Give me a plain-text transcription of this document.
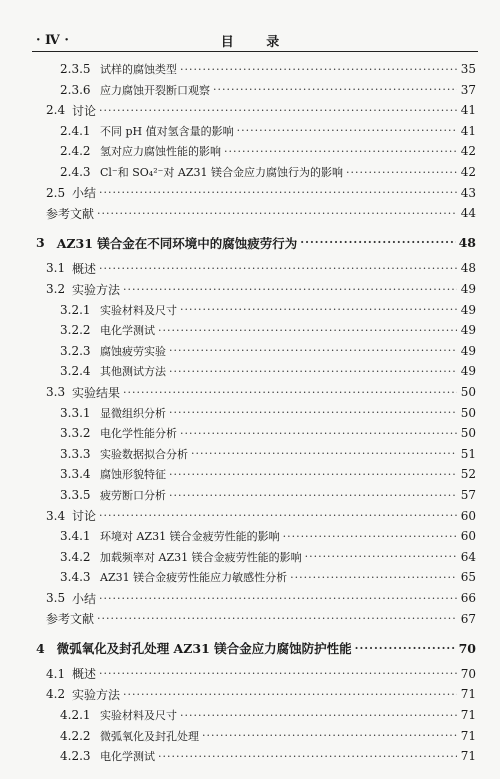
· Ⅳ ·	目 录
2.3.5 试样的腐蚀类型 ·····	35
2.3.6 应力腐蚀开裂断口观察 ·····	37
2.4 讨论 ·····	41
2.4.1 不同 pH 值对氢含量的影响 ·····	41
2.4.2 氢对应力腐蚀性能的影响 ·····	42
2.4.3 Cl⁻和 SO₄²⁻对 AZ31 镁合金应力腐蚀行为的影响 ·····	42
2.5 小结 ·····	43
参考文献 ·····	44
3 AZ31 镁合金在不同环境中的腐蚀疲劳行为 ·····	48
3.1 概述 ·····	48
3.2 实验方法 ·····	49
3.2.1 实验材料及尺寸 ·····	49
3.2.2 电化学测试 ·····	49
3.2.3 腐蚀疲劳实验 ·····	49
3.2.4 其他测试方法 ·····	49
3.3 实验结果 ·····	50
3.3.1 显微组织分析 ·····	50
3.3.2 电化学性能分析 ·····	50
3.3.3 实验数据拟合分析 ·····	51
3.3.4 腐蚀形貌特征 ·····	52
3.3.5 疲劳断口分析 ·····	57
3.4 讨论 ·····	60
3.4.1 环境对 AZ31 镁合金疲劳性能的影响 ·····	60
3.4.2 加载频率对 AZ31 镁合金疲劳性能的影响 ·····	64
3.4.3 AZ31 镁合金疲劳性能应力敏感性分析 ·····	65
3.5 小结 ·····	66
参考文献 ·····	67
4 微弧氧化及封孔处理 AZ31 镁合金应力腐蚀防护性能 ·····	70
4.1 概述 ·····	70
4.2 实验方法 ·····	71
4.2.1 实验材料及尺寸 ·····	71
4.2.2 微弧氧化及封孔处理 ·····	71
4.2.3 电化学测试 ·····	71
